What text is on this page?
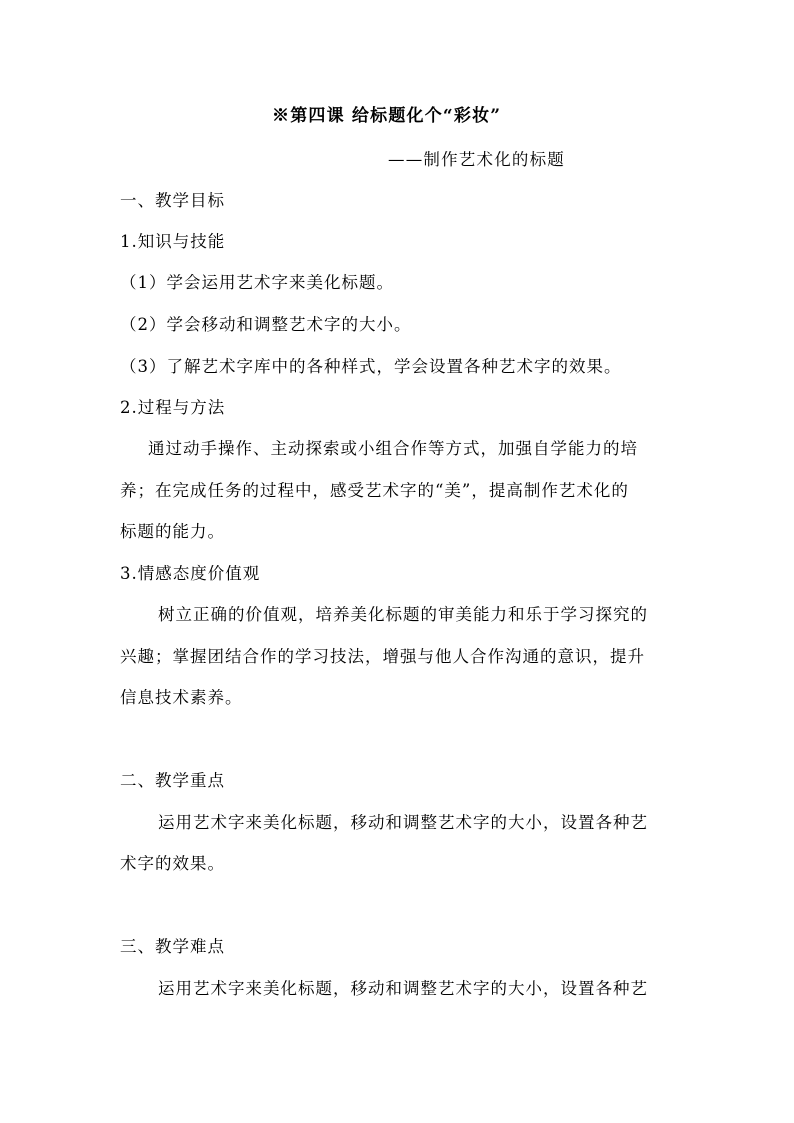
※第四课 给标题化个“彩妆”
——制作艺术化的标题
一、教学目标
1.知识与技能
（1）学会运用艺术字来美化标题。
（2）学会移动和调整艺术字的大小。
（3）了解艺术字库中的各种样式，学会设置各种艺术字的效果。
2.过程与方法
通过动手操作、主动探索或小组合作等方式，加强自学能力的培
养；在完成任务的过程中，感受艺术字的“美”，提高制作艺术化的
标题的能力。
3.情感态度价值观
树立正确的价值观，培养美化标题的审美能力和乐于学习探究的
兴趣；掌握团结合作的学习技法，增强与他人合作沟通的意识，提升
信息技术素养。
二、教学重点
运用艺术字来美化标题，移动和调整艺术字的大小，设置各种艺
术字的效果。
三、教学难点
运用艺术字来美化标题，移动和调整艺术字的大小，设置各种艺
